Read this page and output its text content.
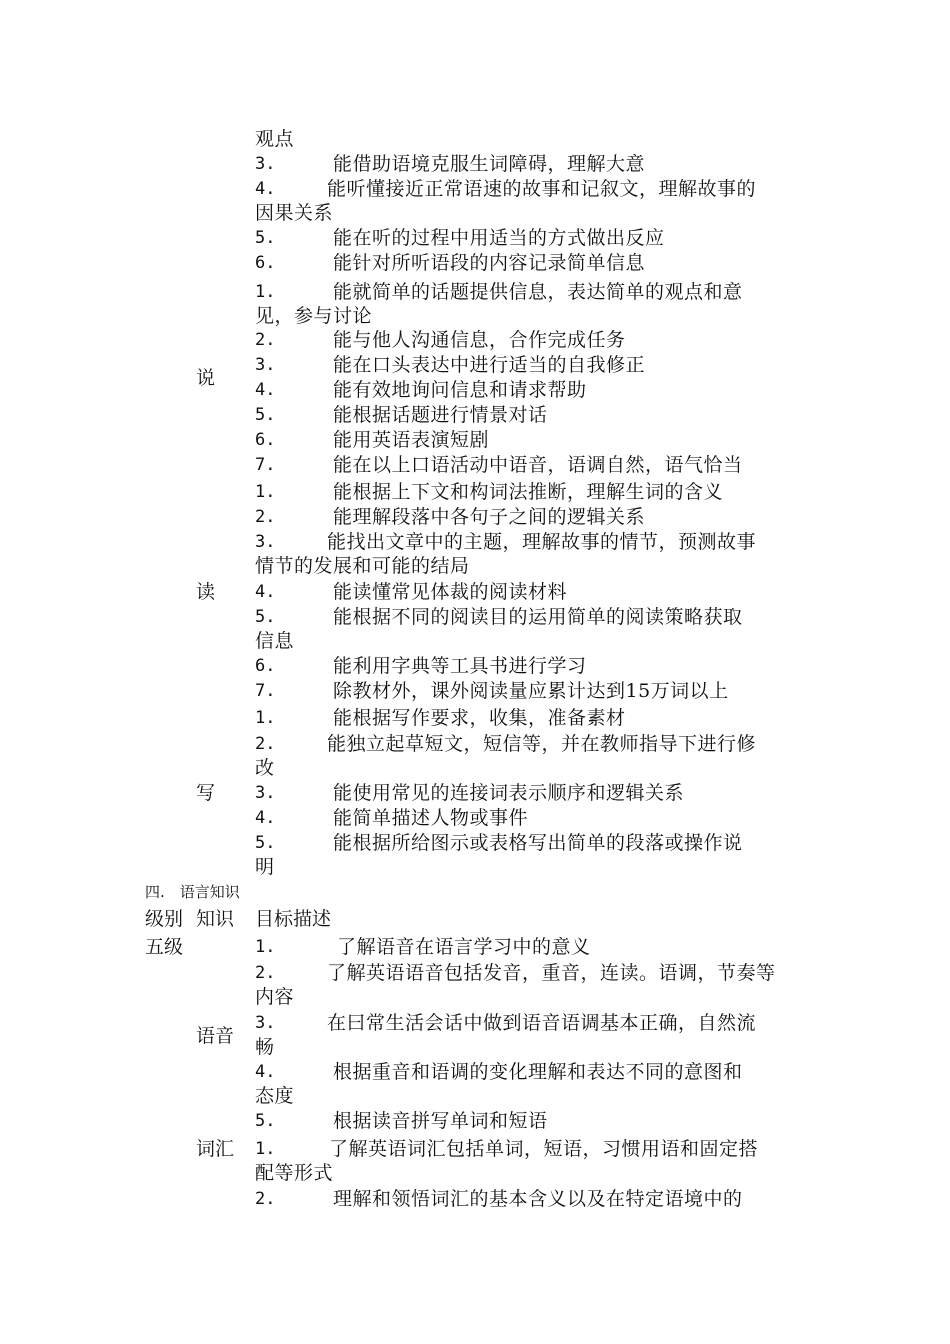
观点
3.	能借助语境克服生词障碍，理解大意
4.	能听懂接近正常语速的故事和记叙文，理解故事的
因果关系
5.	能在听的过程中用适当的方式做出反应
6.	能针对所听语段的内容记录简单信息
说
1.	能就简单的话题提供信息，表达简单的观点和意
见，参与讨论
2.	能与他人沟通信息，合作完成任务
3.	能在口头表达中进行适当的自我修正
4.	能有效地询问信息和请求帮助
5.	能根据话题进行情景对话
6.	能用英语表演短剧
7.	能在以上口语活动中语音，语调自然，语气恰当
读
1.	能根据上下文和构词法推断，理解生词的含义
2.	能理解段落中各句子之间的逻辑关系
3.	能找出文章中的主题，理解故事的情节，预测故事
情节的发展和可能的结局
4.	能读懂常见体裁的阅读材料
5.	能根据不同的阅读目的运用简单的阅读策略获取
信息
6.	能利用字典等工具书进行学习
7.	除教材外，课外阅读量应累计达到15万词以上
写
1.	能根据写作要求，收集，准备素材
2.	能独立起草短文，短信等，并在教师指导下进行修
改
3.	能使用常见的连接词表示顺序和逻辑关系
4.	能简单描述人物或事件
5.	能根据所给图示或表格写出简单的段落或操作说
明
四.　语言知识
级别 知识 目标描述
五级
语音
1.	了解语音在语言学习中的意义
2.	了解英语语音包括发音，重音，连读。语调，节奏等
内容
3.	在曰常生活会话中做到语音语调基本正确，自然流
畅
4.	根据重音和语调的变化理解和表达不同的意图和
态度
5.	根据读音拼写单词和短语
词汇 1.	了解英语词汇包括单词，短语，习惯用语和固定搭
配等形式
2.	理解和领悟词汇的基本含义以及在特定语境中的
